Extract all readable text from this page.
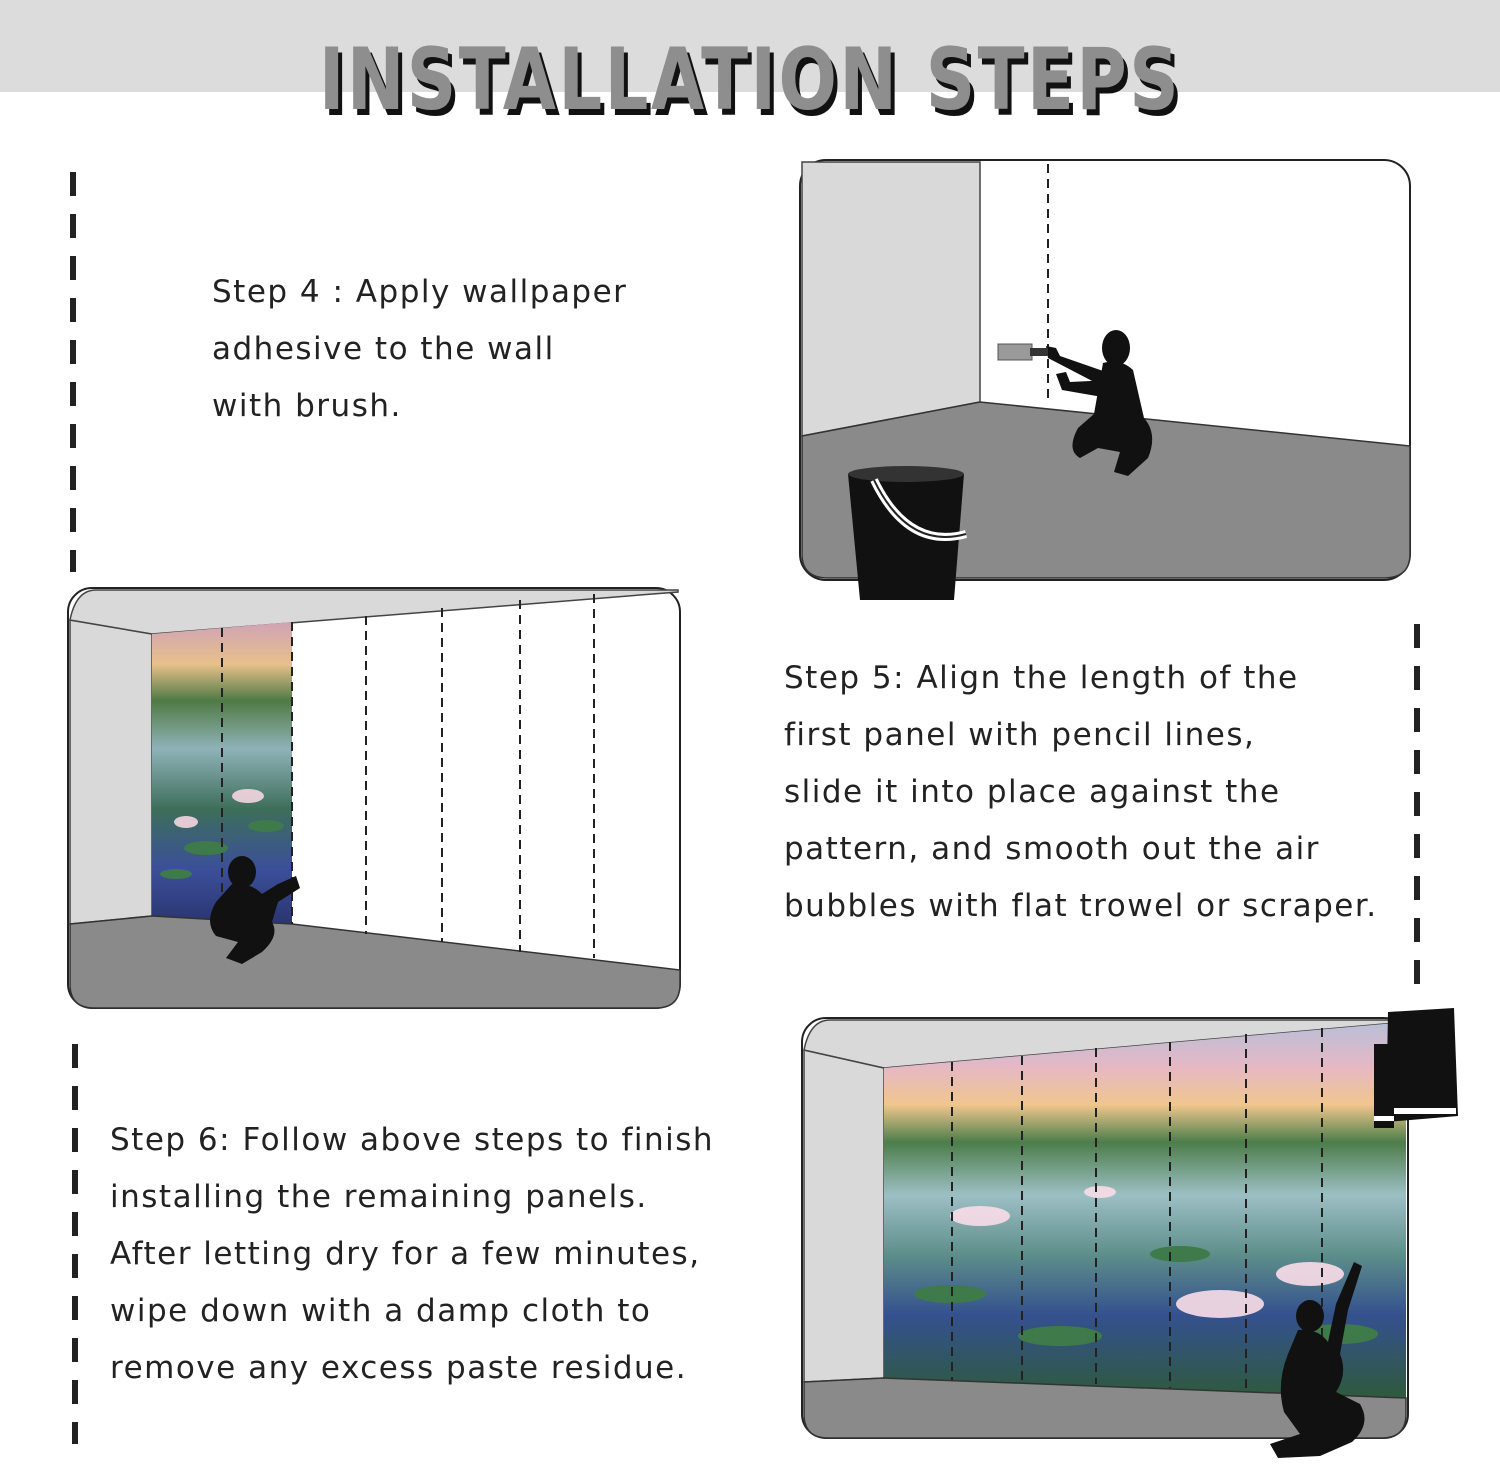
INSTALLATION STEPS

Step 4 : Apply wallpaper
adhesive to the wall
with brush.

Step 5: Align the length of the
first panel with pencil lines,
slide it into place against the
pattern, and smooth out the air
bubbles with flat trowel or scraper.

Step 6: Follow above steps to finish
installing the remaining panels.
After letting dry for a few minutes,
wipe down with a damp cloth to
remove any excess paste residue.
